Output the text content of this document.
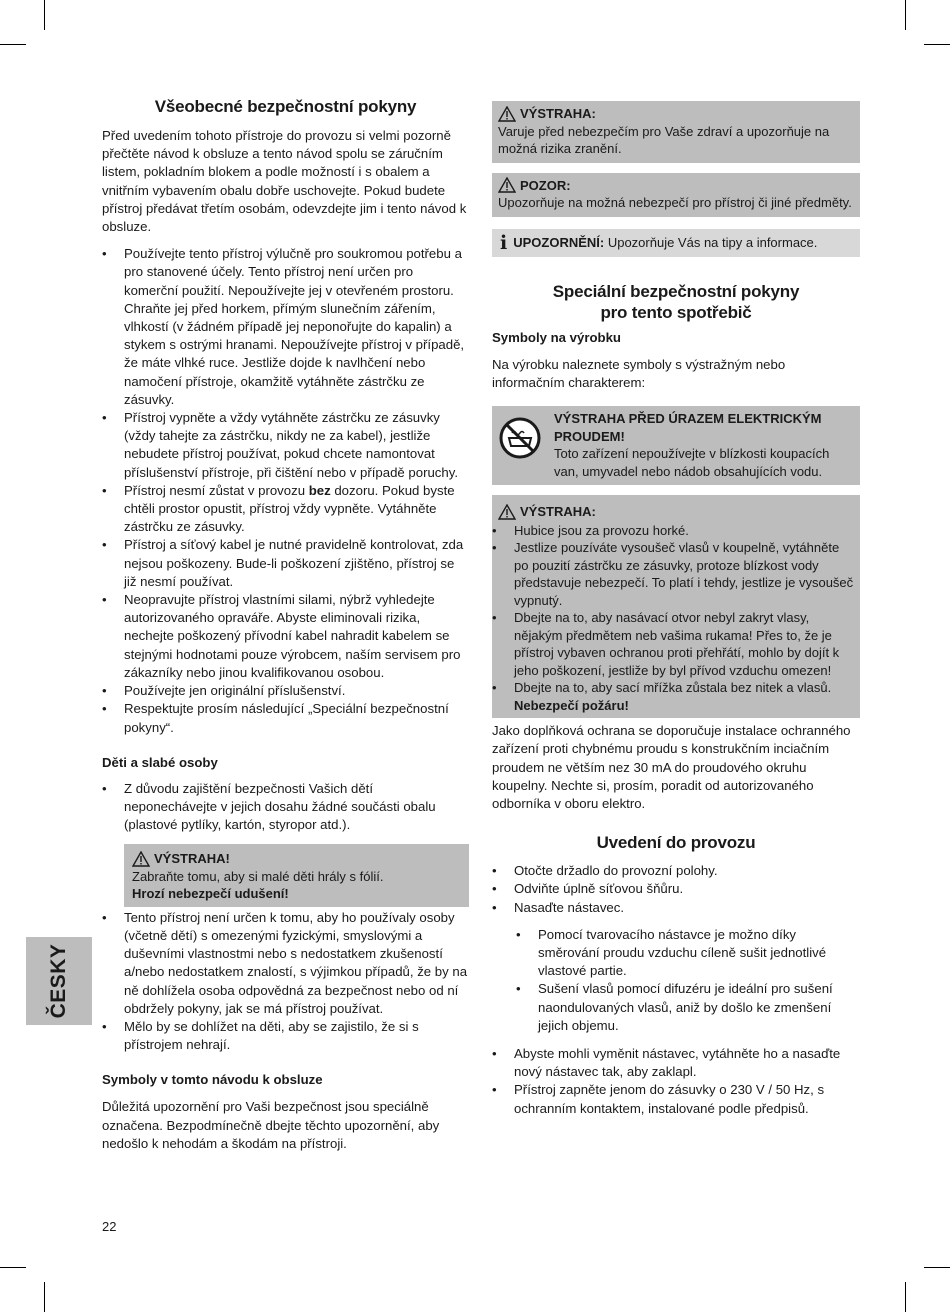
Všeobecné bezpečnostní pokyny

Před uvedením tohoto přístroje do provozu si velmi pozorně přečtěte návod k obsluze a tento návod spolu se záručním listem, pokladním blokem a podle možností i s obalem a vnitřním vybavením obalu dobře uschovejte. Pokud budete přístroj předávat třetím osobám, odevzdejte jim i tento návod k obsluze.

• Používejte tento přístroj výlučně pro soukromou potřebu a pro stanovené účely. Tento přístroj není určen pro komerční použití. Nepoužívejte jej v otevřeném prostoru. Chraňte jej před horkem, přímým slunečním zářením, vlhkostí (v žádném případě jej neponořujte do kapalin) a stykem s ostrými hranami. Nepoužívejte přístroj v případě, že máte vlhké ruce. Jestliže dojde k navlhčení nebo namočení přístroje, okamžitě vytáhněte zástrčku ze zásuvky.
• Přístroj vypněte a vždy vytáhněte zástrčku ze zásuvky (vždy tahejte za zástrčku, nikdy ne za kabel), jestliže nebudete přístroj používat, pokud chcete namontovat příslušenství přístroje, při čištění nebo v případě poruchy.
• Přístroj nesmí zůstat v provozu bez dozoru. Pokud byste chtěli prostor opustit, přístroj vždy vypněte. Vytáhněte zástrčku ze zásuvky.
• Přístroj a síťový kabel je nutné pravidelně kontrolovat, zda nejsou poškozeny. Bude-li poškození zjištěno, přístroj se již nesmí používat.
• Neopravujte přístroj vlastními silami, nýbrž vyhledejte autorizovaného opraváře. Abyste eliminovali rizika, nechejte poškozený přívodní kabel nahradit kabelem se stejnými hodnotami pouze výrobcem, naším servisem pro zákazníky nebo jinou kvalifikovanou osobou.
• Používejte jen originální příslušenství.
• Respektujte prosím následující „Speciální bezpečnostní pokyny“.
Děti a slabé osoby
• Z důvodu zajištění bezpečnosti Vašich dětí neponechávejte v jejich dosahu žádné součásti obalu (plastové pytlíky, kartón, styropor atd.).
VÝSTRAHA!
Zabraňte tomu, aby si malé děti hrály s fólií.
Hrozí nebezpečí udušení!
• Tento přístroj není určen k tomu, aby ho používaly osoby (včetně dětí) s omezenými fyzickými, smyslovými a duševními vlastnostmi nebo s nedostatkem zkušeností a/nebo nedostatkem znalostí, s výjimkou případů, že by na ně dohlížela osoba odpovědná za bezpečnost nebo od ní obdržely pokyny, jak se má přístroj používat.
• Mělo by se dohlížet na děti, aby se zajistilo, že si s přístrojem nehrají.
Symboly v tomto návodu k obsluze

Důležitá upozornění pro Vaši bezpečnost jsou speciálně označena. Bezpodmínečně dbejte těchto upozornění, aby nedošlo k nehodám a škodám na přístroji.

VÝSTRAHA:
Varuje před nebezpečím pro Vaše zdraví a upozorňuje na možná rizika zranění.
POZOR:
Upozorňuje na možná nebezpečí pro přístroj či jiné předměty.
i UPOZORNĚNÍ: Upozorňuje Vás na tipy a informace.
Speciální bezpečnostní pokyny
pro tento spotřebič
Symboly na výrobku

Na výrobku naleznete symboly s výstražným nebo informačním charakterem:

VÝSTRAHA PŘED ÚRAZEM ELEKTRICKÝM PROUDEM!
Toto zařízení nepoužívejte v blízkosti koupacích van, umyvadel nebo nádob obsahujících vodu.
VÝSTRAHA:
• Hubice jsou za provozu horké.
• Jestlize pouzíváte vysoušeč vlasů v koupelně, vytáhněte po pouzití zástrčku ze zásuvky, protoze blízkost vody představuje nebezpečí. To platí i tehdy, jestlize je vysoušeč vypnutý.
• Dbejte na to, aby nasávací otvor nebyl zakryt vlasy, nějakým předmětem neb vašima rukama! Přes to, že je přístroj vybaven ochranou proti přehřátí, mohlo by dojít k jeho poškození, jestliže by byl přívod vzduchu omezen!
• Dbejte na to, aby sací mřížka zůstala bez nitek a vlasů.
Nebezpečí požáru!

Jako doplňková ochrana se doporučuje instalace ochranného zařízení proti chybnému proudu s konstrukčním inciačním proudem ne větším nez 30 mA do proudového okruhu koupelny. Nechte si, prosím, poradit od autorizovaného odborníka v oboru elektro.

Uvedení do provozu
• Otočte držadlo do provozní polohy.
• Odviňte úplně síťovou šňůru.
• Nasaďte nástavec.
• Pomocí tvarovacího nástavce je možno díky směrování proudu vzduchu cíleně sušit jednotlivé vlastové partie.
• Sušení vlasů pomocí difuzéru je ideální pro sušení naondulovaných vlasů, aniž by došlo ke zmenšení jejich objemu.
• Abyste mohli vyměnit nástavec, vytáhněte ho a nasaďte nový nástavec tak, aby zaklapl.
• Přístroj zapněte jenom do zásuvky o 230 V / 50 Hz, s ochranním kontaktem, instalované podle předpisů.
ČESKY
22
